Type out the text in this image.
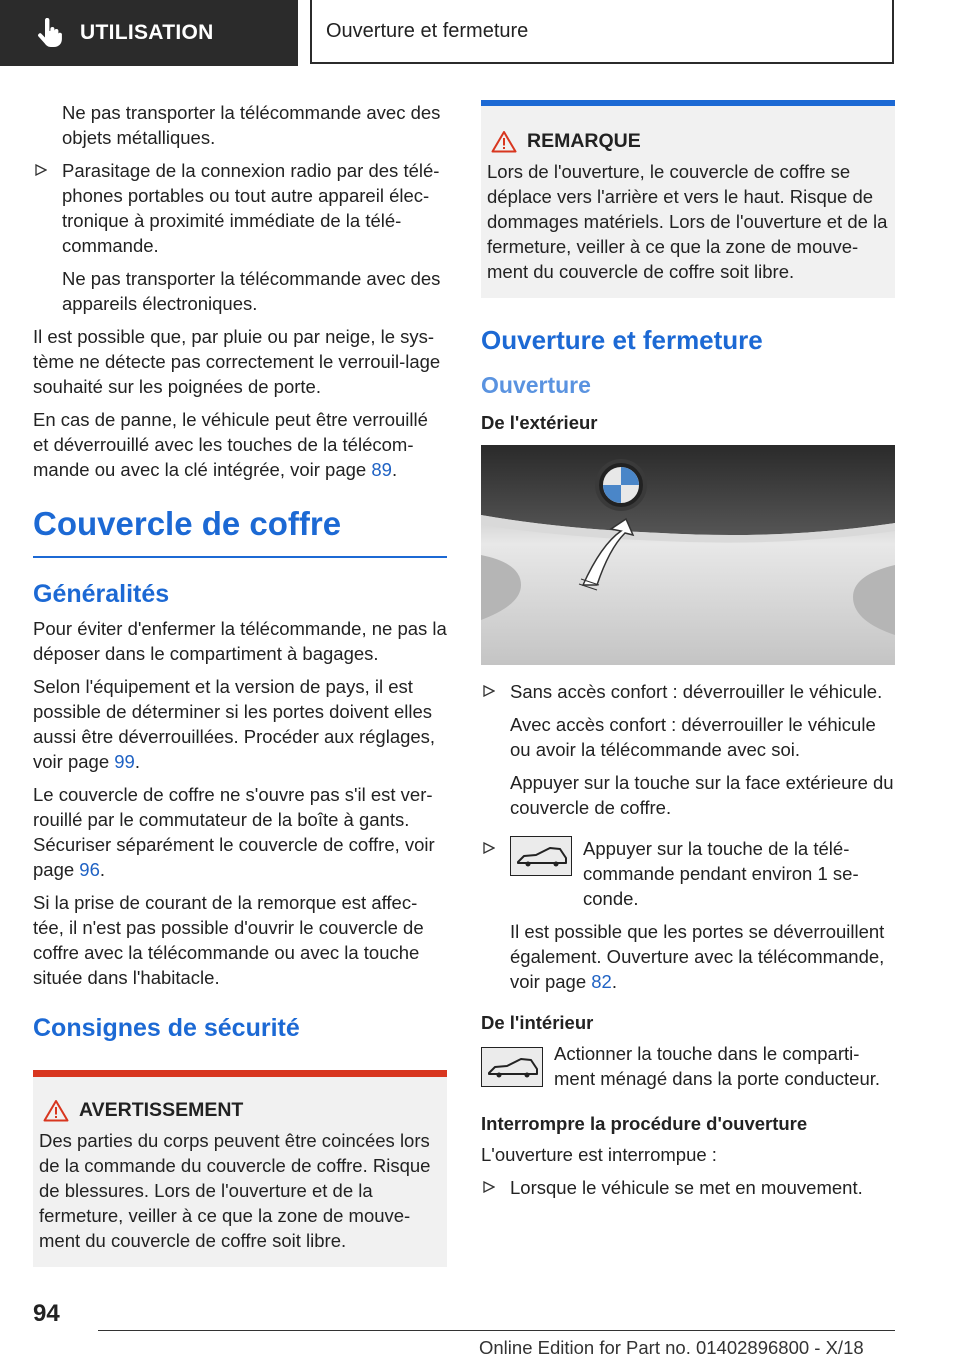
UTILISATION	Ouverture et fermeture

Ne pas transporter la télécommande avec des objets métalliques.

Parasitage de la connexion radio par des télé-phones portables ou tout autre appareil élec-tronique à proximité immédiate de la télé-commande.

Ne pas transporter la télécommande avec des appareils électroniques.

Il est possible que, par pluie ou par neige, le sys-tème ne détecte pas correctement le verrouil-lage souhaité sur les poignées de porte.

En cas de panne, le véhicule peut être verrouillé et déverrouillé avec les touches de la télécom-mande ou avec la clé intégrée, voir page 89.

Couvercle de coffre
Généralités

Pour éviter d'enfermer la télécommande, ne pas la déposer dans le compartiment à bagages.

Selon l'équipement et la version de pays, il est possible de déterminer si les portes doivent elles aussi être déverrouillées. Procéder aux réglages, voir page 99.

Le couvercle de coffre ne s'ouvre pas s'il est ver-rouillé par le commutateur de la boîte à gants. Sécuriser séparément le couvercle de coffre, voir page 96.

Si la prise de courant de la remorque est affec-tée, il n'est pas possible d'ouvrir le couvercle de coffre avec la télécommande ou avec la touche située dans l'habitacle.

Consignes de sécurité
AVERTISSEMENT

Des parties du corps peuvent être coincées lors de la commande du couvercle de coffre. Risque de blessures. Lors de l'ouverture et de la fermeture, veiller à ce que la zone de mouve-ment du couvercle de coffre soit libre.

REMARQUE

Lors de l'ouverture, le couvercle de coffre se déplace vers l'arrière et vers le haut. Risque de dommages matériels. Lors de l'ouverture et de la fermeture, veiller à ce que la zone de mouve-ment du couvercle de coffre soit libre.

Ouverture et fermeture
Ouverture
De l'extérieur

Sans accès confort : déverrouiller le véhicule.

Avec accès confort : déverrouiller le véhicule ou avoir la télécommande avec soi.

Appuyer sur la touche sur la face extérieure du couvercle de coffre.

Appuyer sur la touche de la télé-commande pendant environ 1 se-conde.

Il est possible que les portes se déverrouillent également. Ouverture avec la télécommande, voir page 82.

De l'intérieur

Actionner la touche dans le comparti-ment ménagé dans la porte conducteur.

Interrompre la procédure d'ouverture

L'ouverture est interrompue :

Lorsque le véhicule se met en mouvement.

94
Online Edition for Part no. 01402896800 - X/18
